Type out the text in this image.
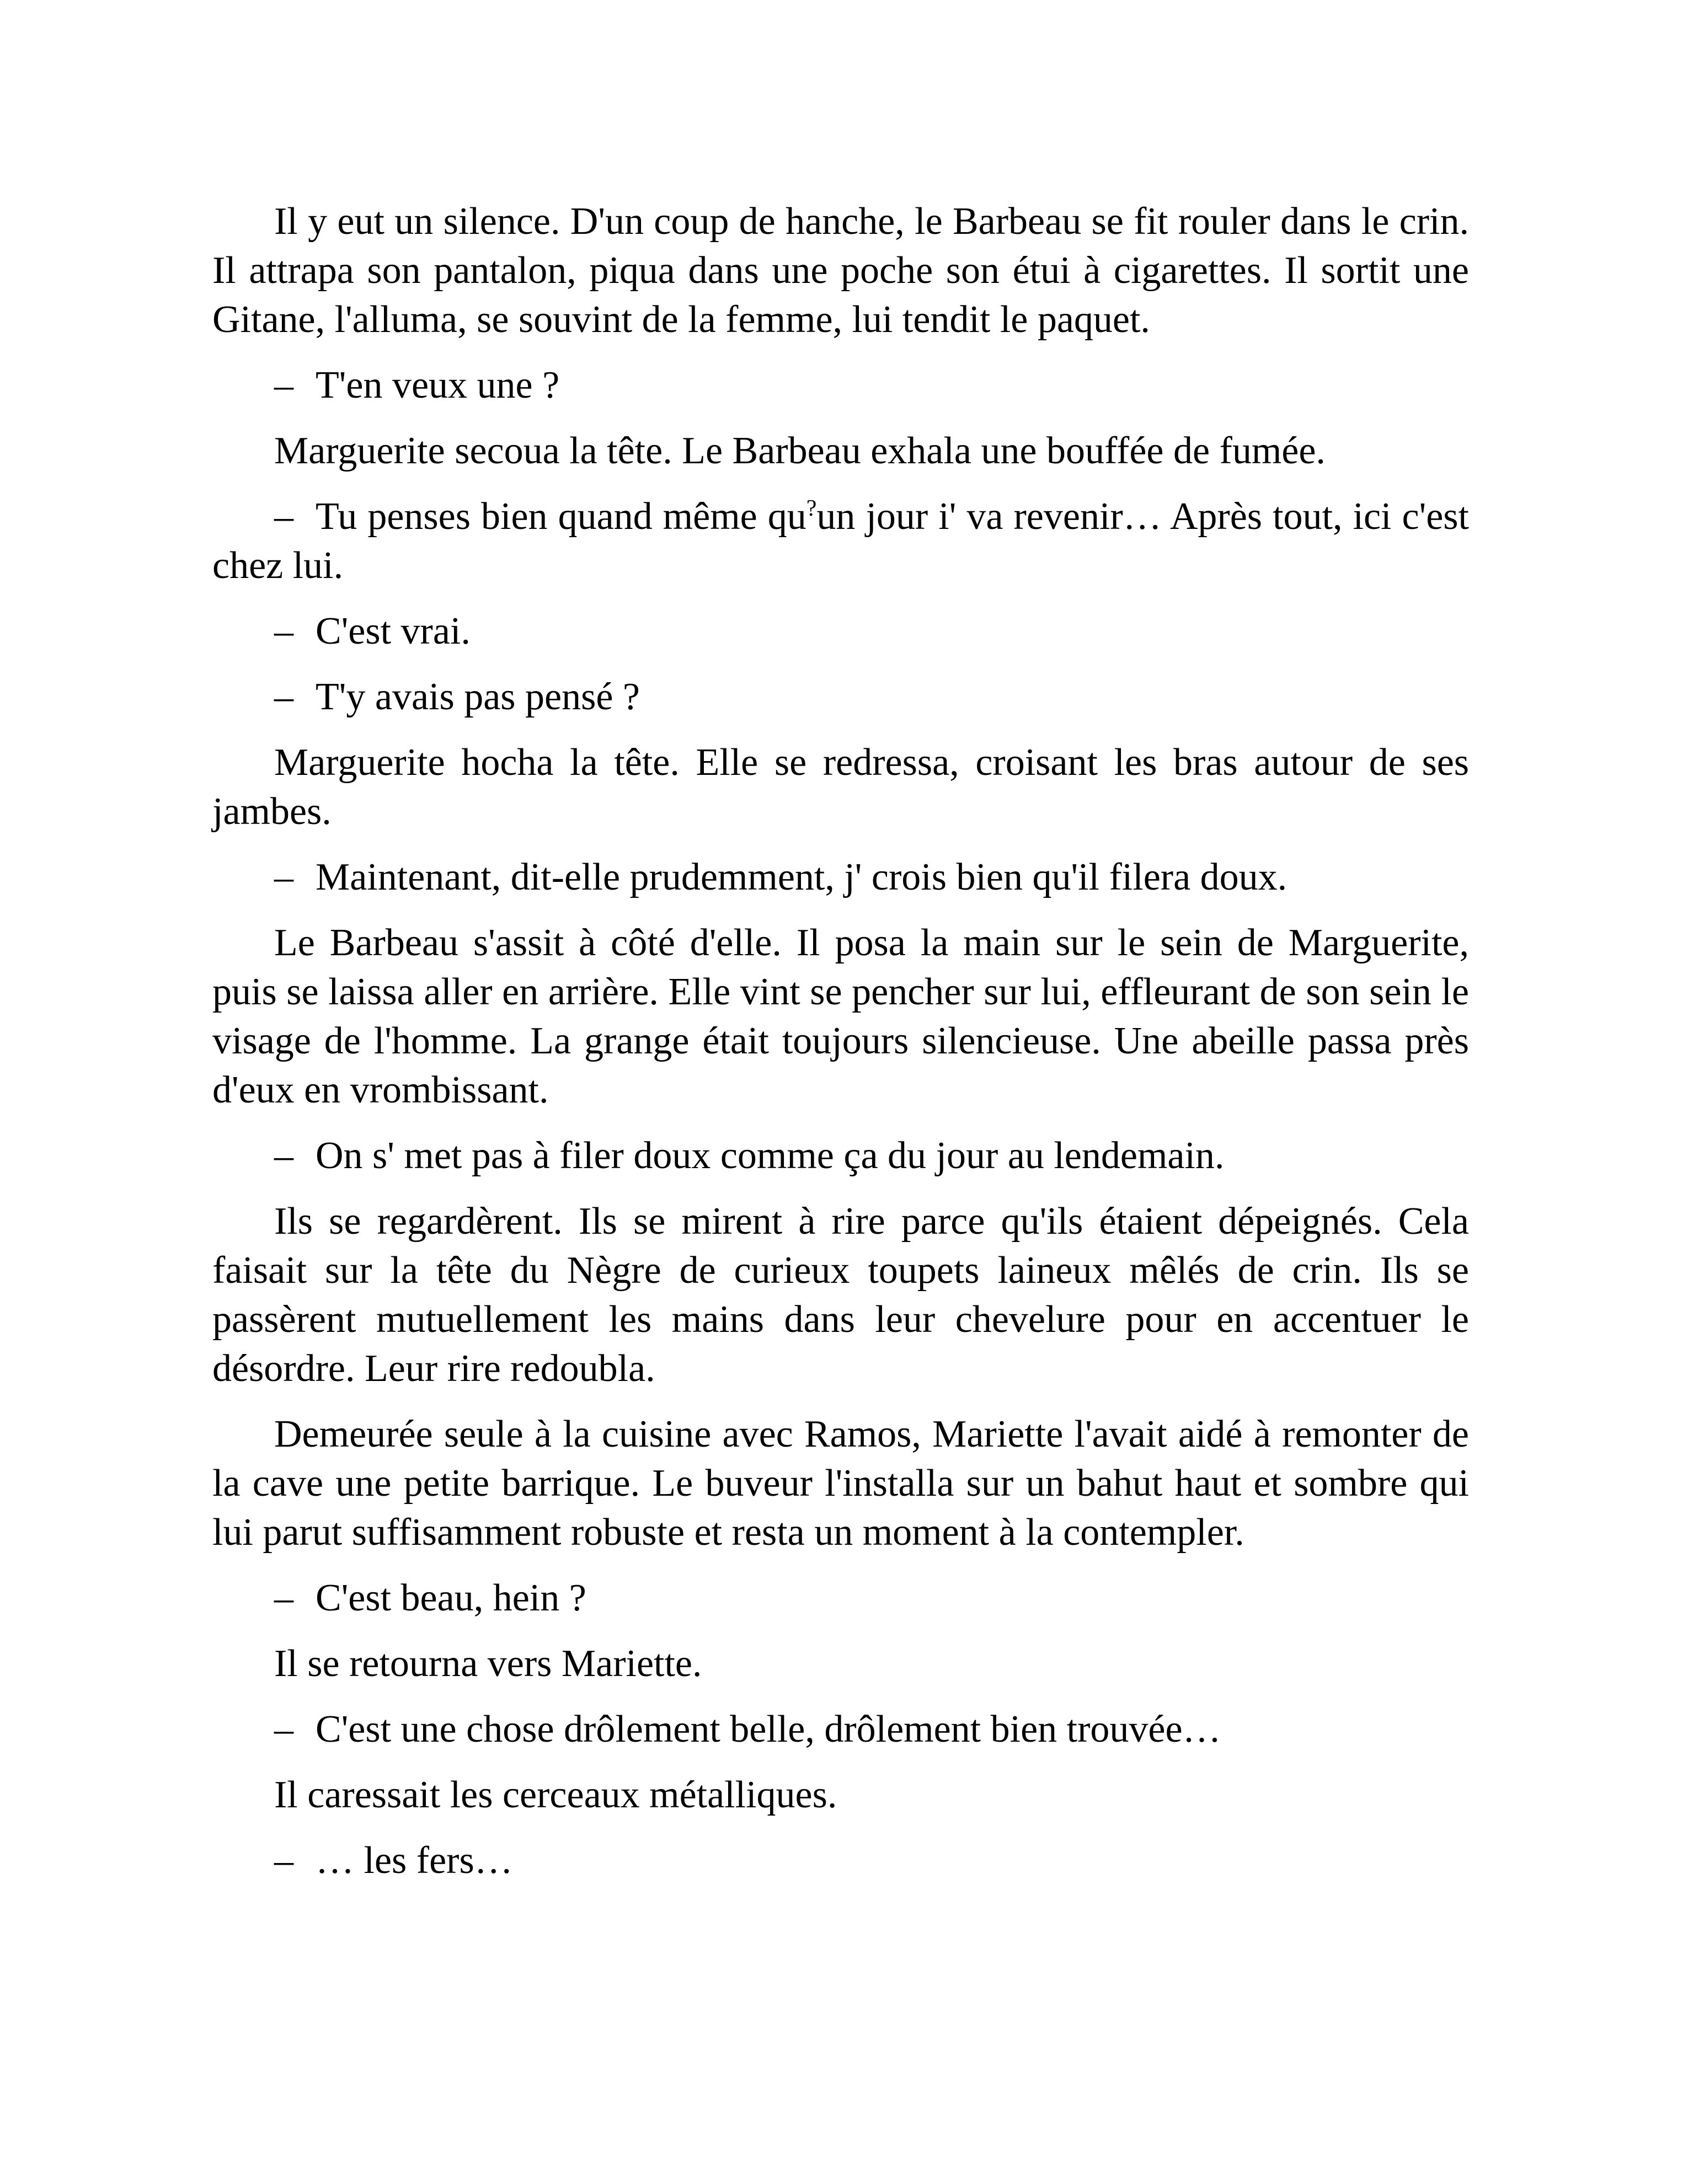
Il y eut un silence. D'un coup de hanche, le Barbeau se fit rouler dans le crin. Il attrapa son pantalon, piqua dans une poche son étui à cigarettes. Il sortit une Gitane, l'alluma, se souvint de la femme, lui tendit le paquet.

– T'en veux une ?

Marguerite secoua la tête. Le Barbeau exhala une bouffée de fumée.

– Tu penses bien quand même qu?un jour i' va revenir… Après tout, ici c'est chez lui.

– C'est vrai.

– T'y avais pas pensé ?

Marguerite hocha la tête. Elle se redressa, croisant les bras autour de ses jambes.

– Maintenant, dit-elle prudemment, j' crois bien qu'il filera doux.

Le Barbeau s'assit à côté d'elle. Il posa la main sur le sein de Marguerite, puis se laissa aller en arrière. Elle vint se pencher sur lui, effleurant de son sein le visage de l'homme. La grange était toujours silencieuse. Une abeille passa près d'eux en vrombissant.

– On s' met pas à filer doux comme ça du jour au lendemain.

Ils se regardèrent. Ils se mirent à rire parce qu'ils étaient dépeignés. Cela faisait sur la tête du Nègre de curieux toupets laineux mêlés de crin. Ils se passèrent mutuellement les mains dans leur chevelure pour en accentuer le désordre. Leur rire redoubla.

Demeurée seule à la cuisine avec Ramos, Mariette l'avait aidé à remonter de la cave une petite barrique. Le buveur l'installa sur un bahut haut et sombre qui lui parut suffisamment robuste et resta un moment à la contempler.

– C'est beau, hein ?

Il se retourna vers Mariette.

– C'est une chose drôlement belle, drôlement bien trouvée…

Il caressait les cerceaux métalliques.

– … les fers…
